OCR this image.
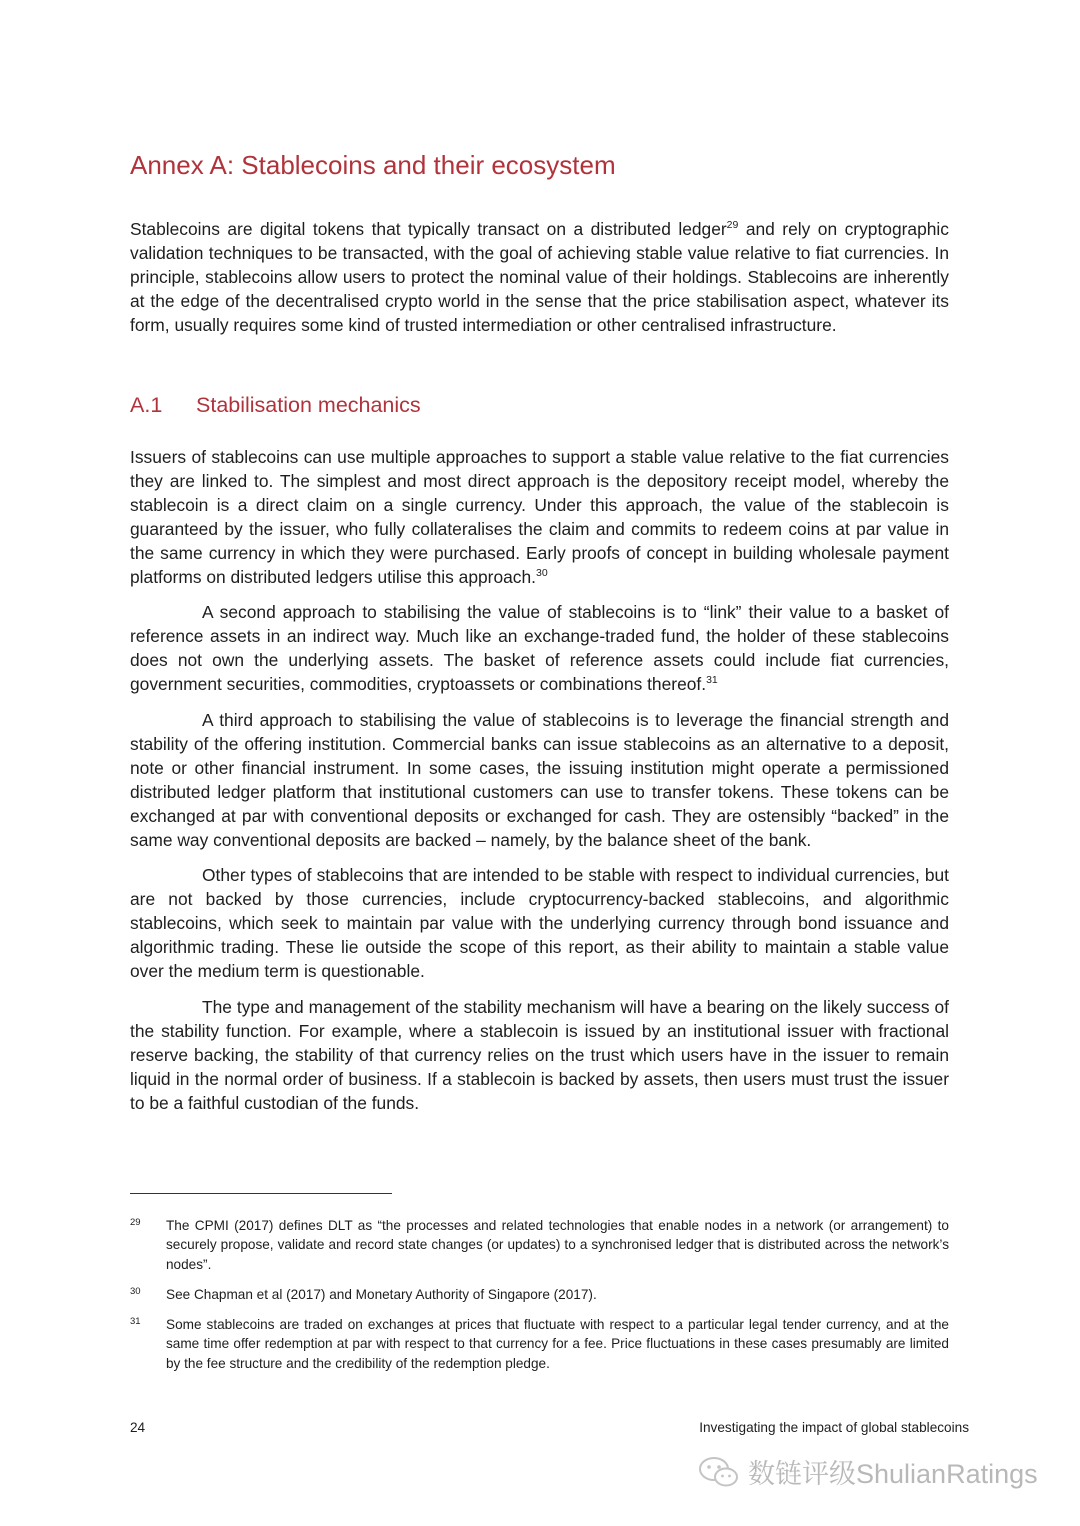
Annex A: Stablecoins and their ecosystem

Stablecoins are digital tokens that typically transact on a distributed ledger$^{29}$ and rely on cryptographic validation techniques to be transacted, with the goal of achieving stable value relative to fiat currencies. In principle, stablecoins allow users to protect the nominal value of their holdings. Stablecoins are inherently at the edge of the decentralised crypto world in the sense that the price stabilisation aspect, whatever its form, usually requires some kind of trusted intermediation or other centralised infrastructure.

A.1 Stabilisation mechanics

Issuers of stablecoins can use multiple approaches to support a stable value relative to the fiat currencies they are linked to. The simplest and most direct approach is the depository receipt model, whereby the stablecoin is a direct claim on a single currency. Under this approach, the value of the stablecoin is guaranteed by the issuer, who fully collateralises the claim and commits to redeem coins at par value in the same currency in which they were purchased. Early proofs of concept in building wholesale payment platforms on distributed ledgers utilise this approach.$^{30}$

A second approach to stabilising the value of stablecoins is to “link” their value to a basket of reference assets in an indirect way. Much like an exchange-traded fund, the holder of these stablecoins does not own the underlying assets. The basket of reference assets could include fiat currencies, government securities, commodities, cryptoassets or combinations thereof.$^{31}$

A third approach to stabilising the value of stablecoins is to leverage the financial strength and stability of the offering institution. Commercial banks can issue stablecoins as an alternative to a deposit, note or other financial instrument. In some cases, the issuing institution might operate a permissioned distributed ledger platform that institutional customers can use to transfer tokens. These tokens can be exchanged at par with conventional deposits or exchanged for cash. They are ostensibly “backed” in the same way conventional deposits are backed – namely, by the balance sheet of the bank.

Other types of stablecoins that are intended to be stable with respect to individual currencies, but are not backed by those currencies, include cryptocurrency-backed stablecoins, and algorithmic stablecoins, which seek to maintain par value with the underlying currency through bond issuance and algorithmic trading. These lie outside the scope of this report, as their ability to maintain a stable value over the medium term is questionable.

The type and management of the stability mechanism will have a bearing on the likely success of the stability function. For example, where a stablecoin is issued by an institutional issuer with fractional reserve backing, the stability of that currency relies on the trust which users have in the issuer to remain liquid in the normal order of business. If a stablecoin is backed by assets, then users must trust the issuer to be a faithful custodian of the funds.

29 The CPMI (2017) defines DLT as “the processes and related technologies that enable nodes in a network (or arrangement) to securely propose, validate and record state changes (or updates) to a synchronised ledger that is distributed across the network’s nodes”.
30 See Chapman et al (2017) and Monetary Authority of Singapore (2017).
31 Some stablecoins are traded on exchanges at prices that fluctuate with respect to a particular legal tender currency, and at the same time offer redemption at par with respect to that currency for a fee. Price fluctuations in these cases presumably are limited by the fee structure and the credibility of the redemption pledge.
24	Investigating the impact of global stablecoins
数链评级ShulianRatings
